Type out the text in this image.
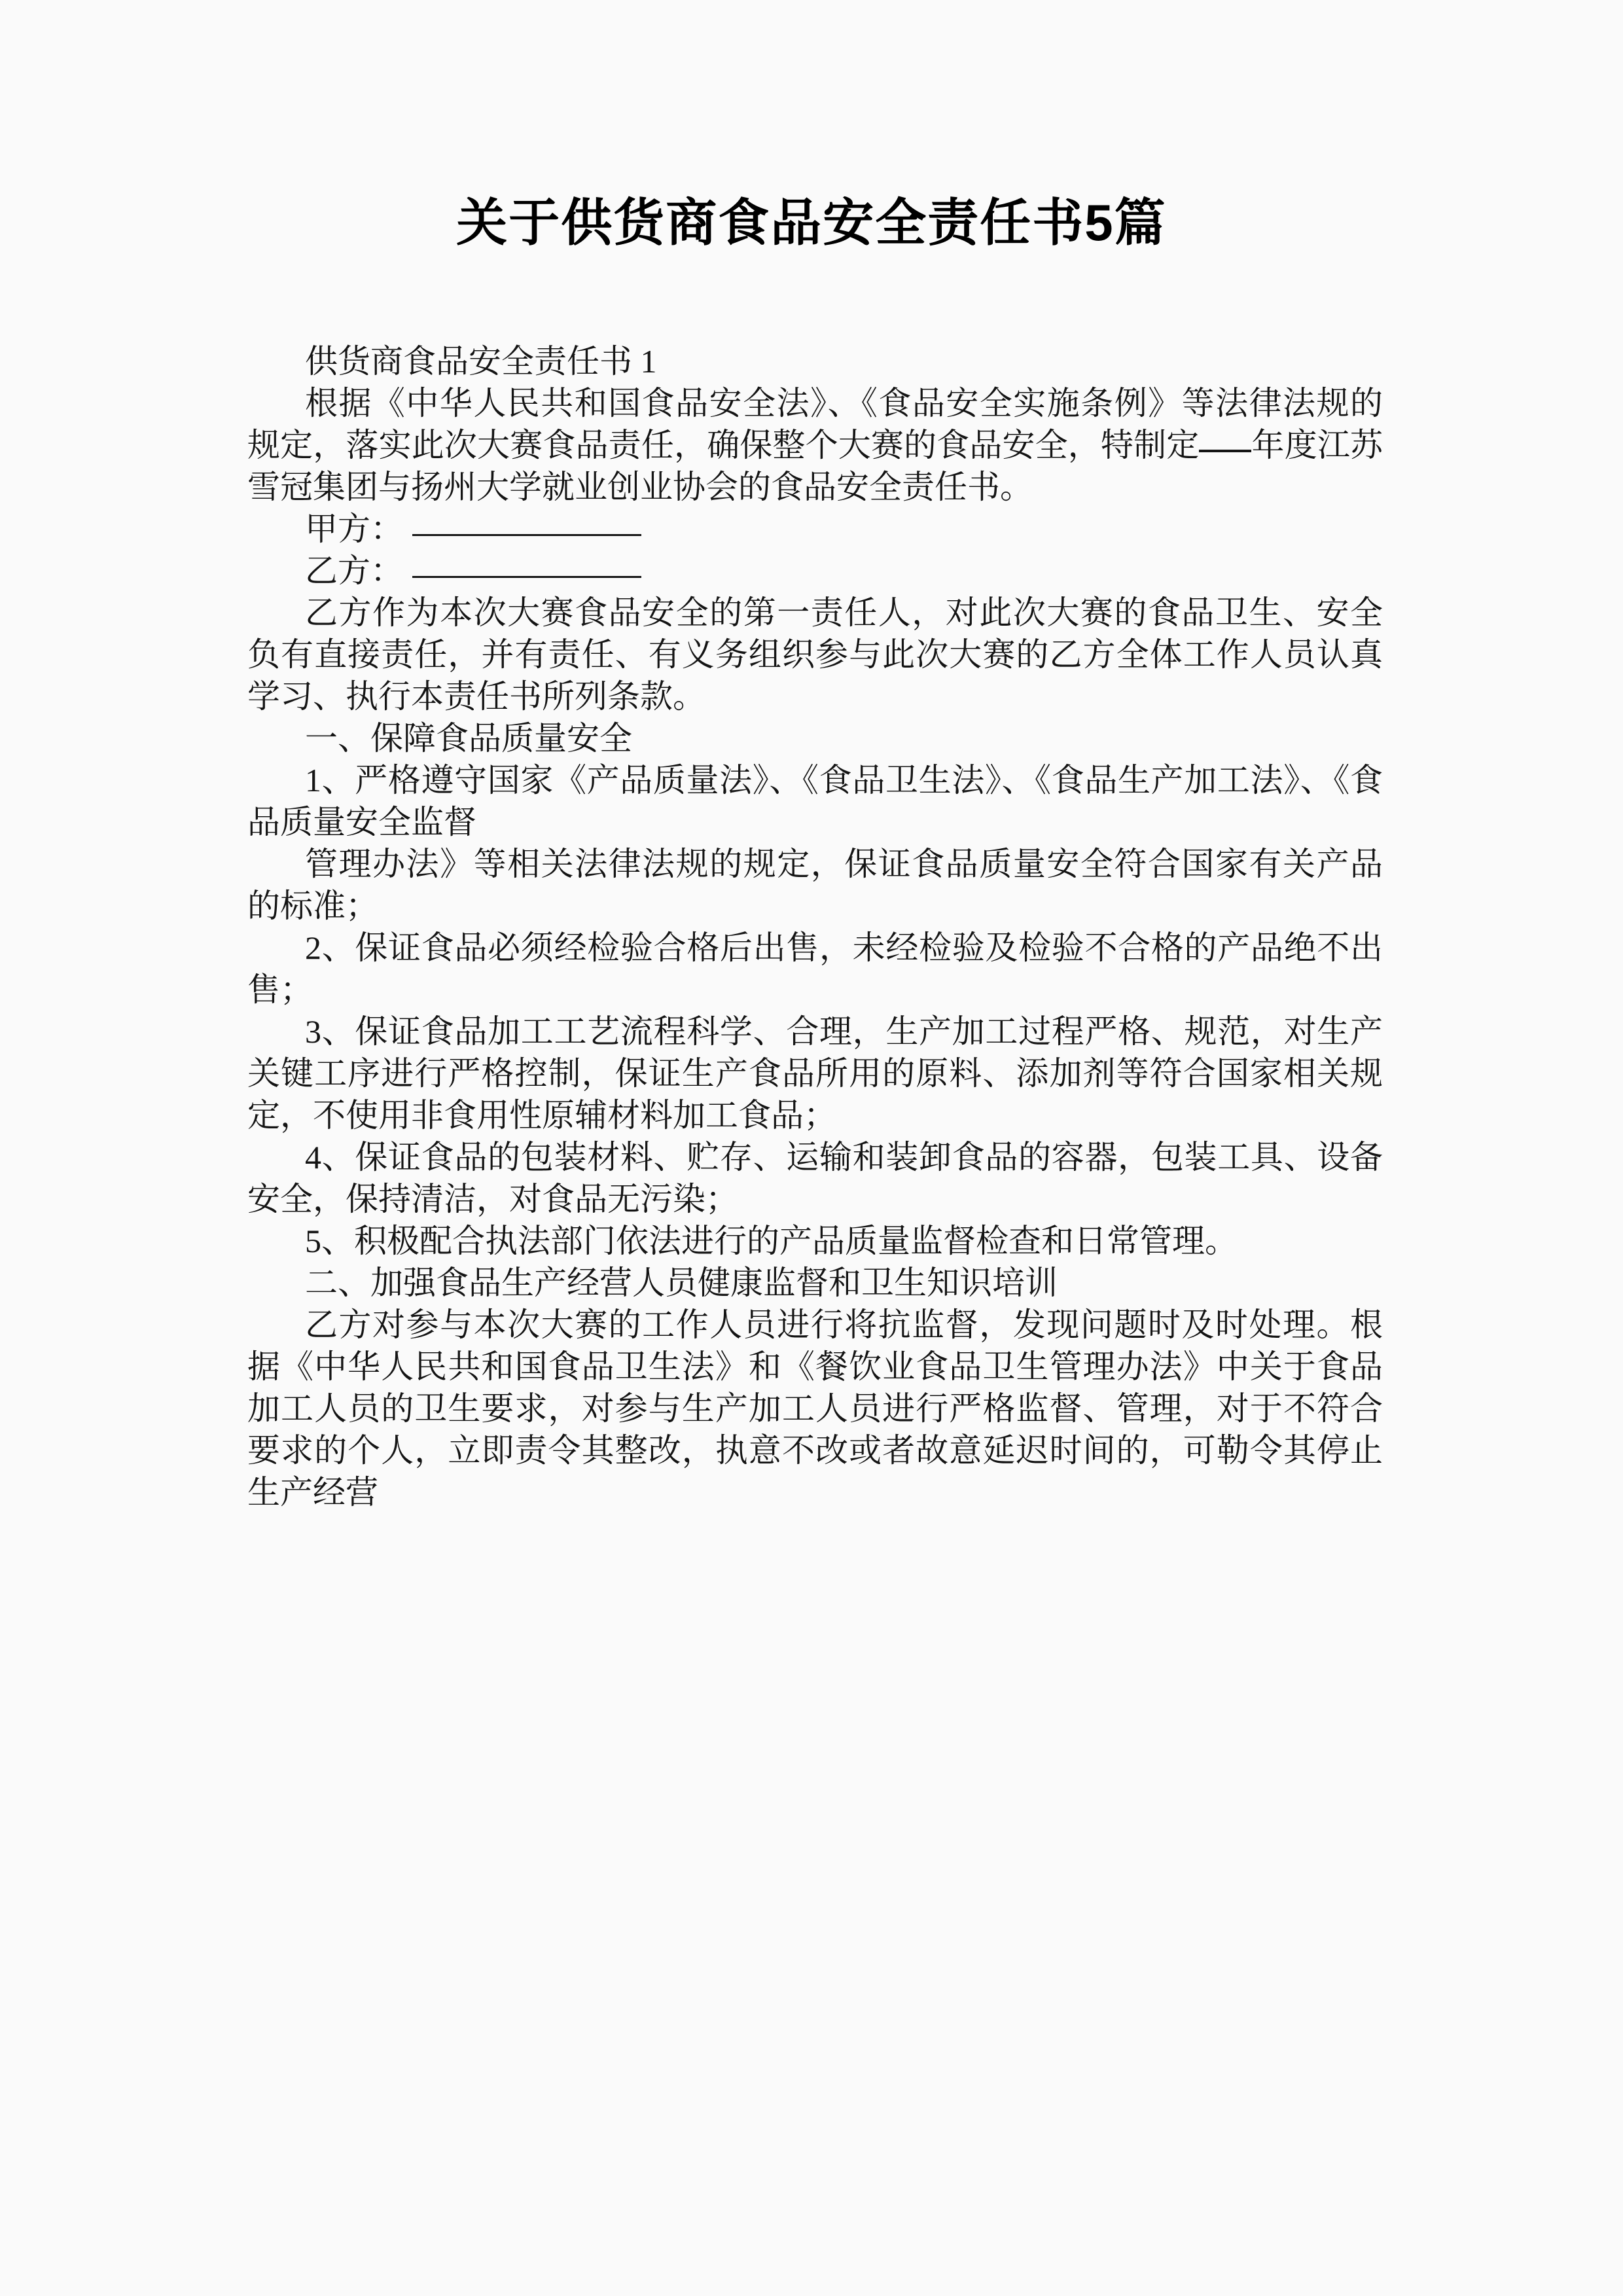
关于供货商食品安全责任书5篇
供货商食品安全责任书 1
根据《中华人民共和国食品安全法》、《食品安全实施条例》等法律法规的规定，落实此次大赛食品责任，确保整个大赛的食品安全，特制定 年度江苏雪冠集团与扬州大学就业创业协会的食品安全责任书。
甲方：
乙方：
乙方作为本次大赛食品安全的第一责任人，对此次大赛的食品卫生、安全负有直接责任，并有责任、有义务组织参与此次大赛的乙方全体工作人员认真学习、执行本责任书所列条款。
一、保障食品质量安全
1、严格遵守国家《产品质量法》、《食品卫生法》、《食品生产加工法》、《食品质量安全监督
管理办法》等相关法律法规的规定，保证食品质量安全符合国家有关产品的标准；
2、保证食品必须经检验合格后出售，未经检验及检验不合格的产品绝不出售；
3、保证食品加工工艺流程科学、合理，生产加工过程严格、规范，对生产关键工序进行严格控制，保证生产食品所用的原料、添加剂等符合国家相关规定，不使用非食用性原辅材料加工食品；
4、保证食品的包装材料、贮存、运输和装卸食品的容器，包装工具、设备安全，保持清洁，对食品无污染；
5、积极配合执法部门依法进行的产品质量监督检查和日常管理。
二、加强食品生产经营人员健康监督和卫生知识培训
乙方对参与本次大赛的工作人员进行将抗监督，发现问题时及时处理。根据《中华人民共和国食品卫生法》和《餐饮业食品卫生管理办法》中关于食品加工人员的卫生要求，对参与生产加工人员进行严格监督、管理，对于不符合要求的个人，立即责令其整改，执意不改或者故意延迟时间的，可勒令其停止生产经营
